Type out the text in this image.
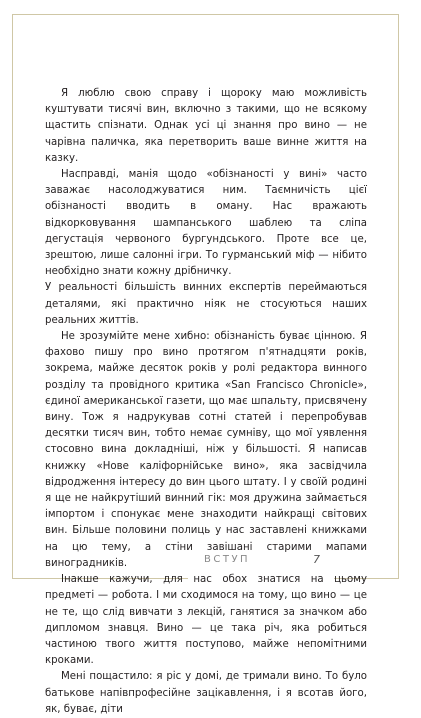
Я люблю свою справу і щороку маю можливість куштувати тисячі вин, включно з такими, що не всякому щастить спізнати. Однак усі ці знання про вино — не чарівна паличка, яка перетворить ваше винне життя на казку.

Насправді, манія щодо «обізнаності у вині» часто заважає насолоджуватися ним. Таємничість цієї обізнаності вводить в оману. Нас вражають відкорковування шампанського шаблею та сліпа дегустація червоного бургундського. Проте все це, зрештою, лише салонні ігри. То гурманський міф — нібито необхідно знати кожну дрібничку.

У реальності більшість винних експертів переймаються деталями, які практично ніяк не стосуються наших реальних життів.

Не зрозумійте мене хибно: обізнаність буває цінною. Я фахово пишу про вино протягом п'ятнадцяти років, зокрема, майже десяток років у ролі редактора винного розділу та провідного критика «San Francisco Chronicle», єдиної американської газети, що має шпальту, присвячену вину. Тож я надрукував сотні статей і перепробував десятки тисяч вин, тобто немає сумніву, що мої уявлення стосовно вина докладніші, ніж у більшості. Я написав книжку «Нове каліфорнійське вино», яка засвідчила відродження інтересу до вин цього штату. І у своїй родині я ще не найкрутіший винний гік: моя дружина займається імпортом і спонукає мене знаходити найкращі світових вин. Більше половини полиць у нас заставлені книжками на цю тему, а стіни завішані старими мапами виноградників.

Інакше кажучи, для нас обох знатися на цьому предметі — робота. І ми сходимося на тому, що вино — це не те, що слід вивчати з лекцій, ганятися за значком або дипломом знавця. Вино — це така річ, яка робиться частиною твого життя поступово, майже непомітними кроками.

Мені пощастило: я ріс у домі, де тримали вино. То було батькове напівпрофесійне зацікавлення, і я всотав його, як, буває, діти

ВСТУП	7
